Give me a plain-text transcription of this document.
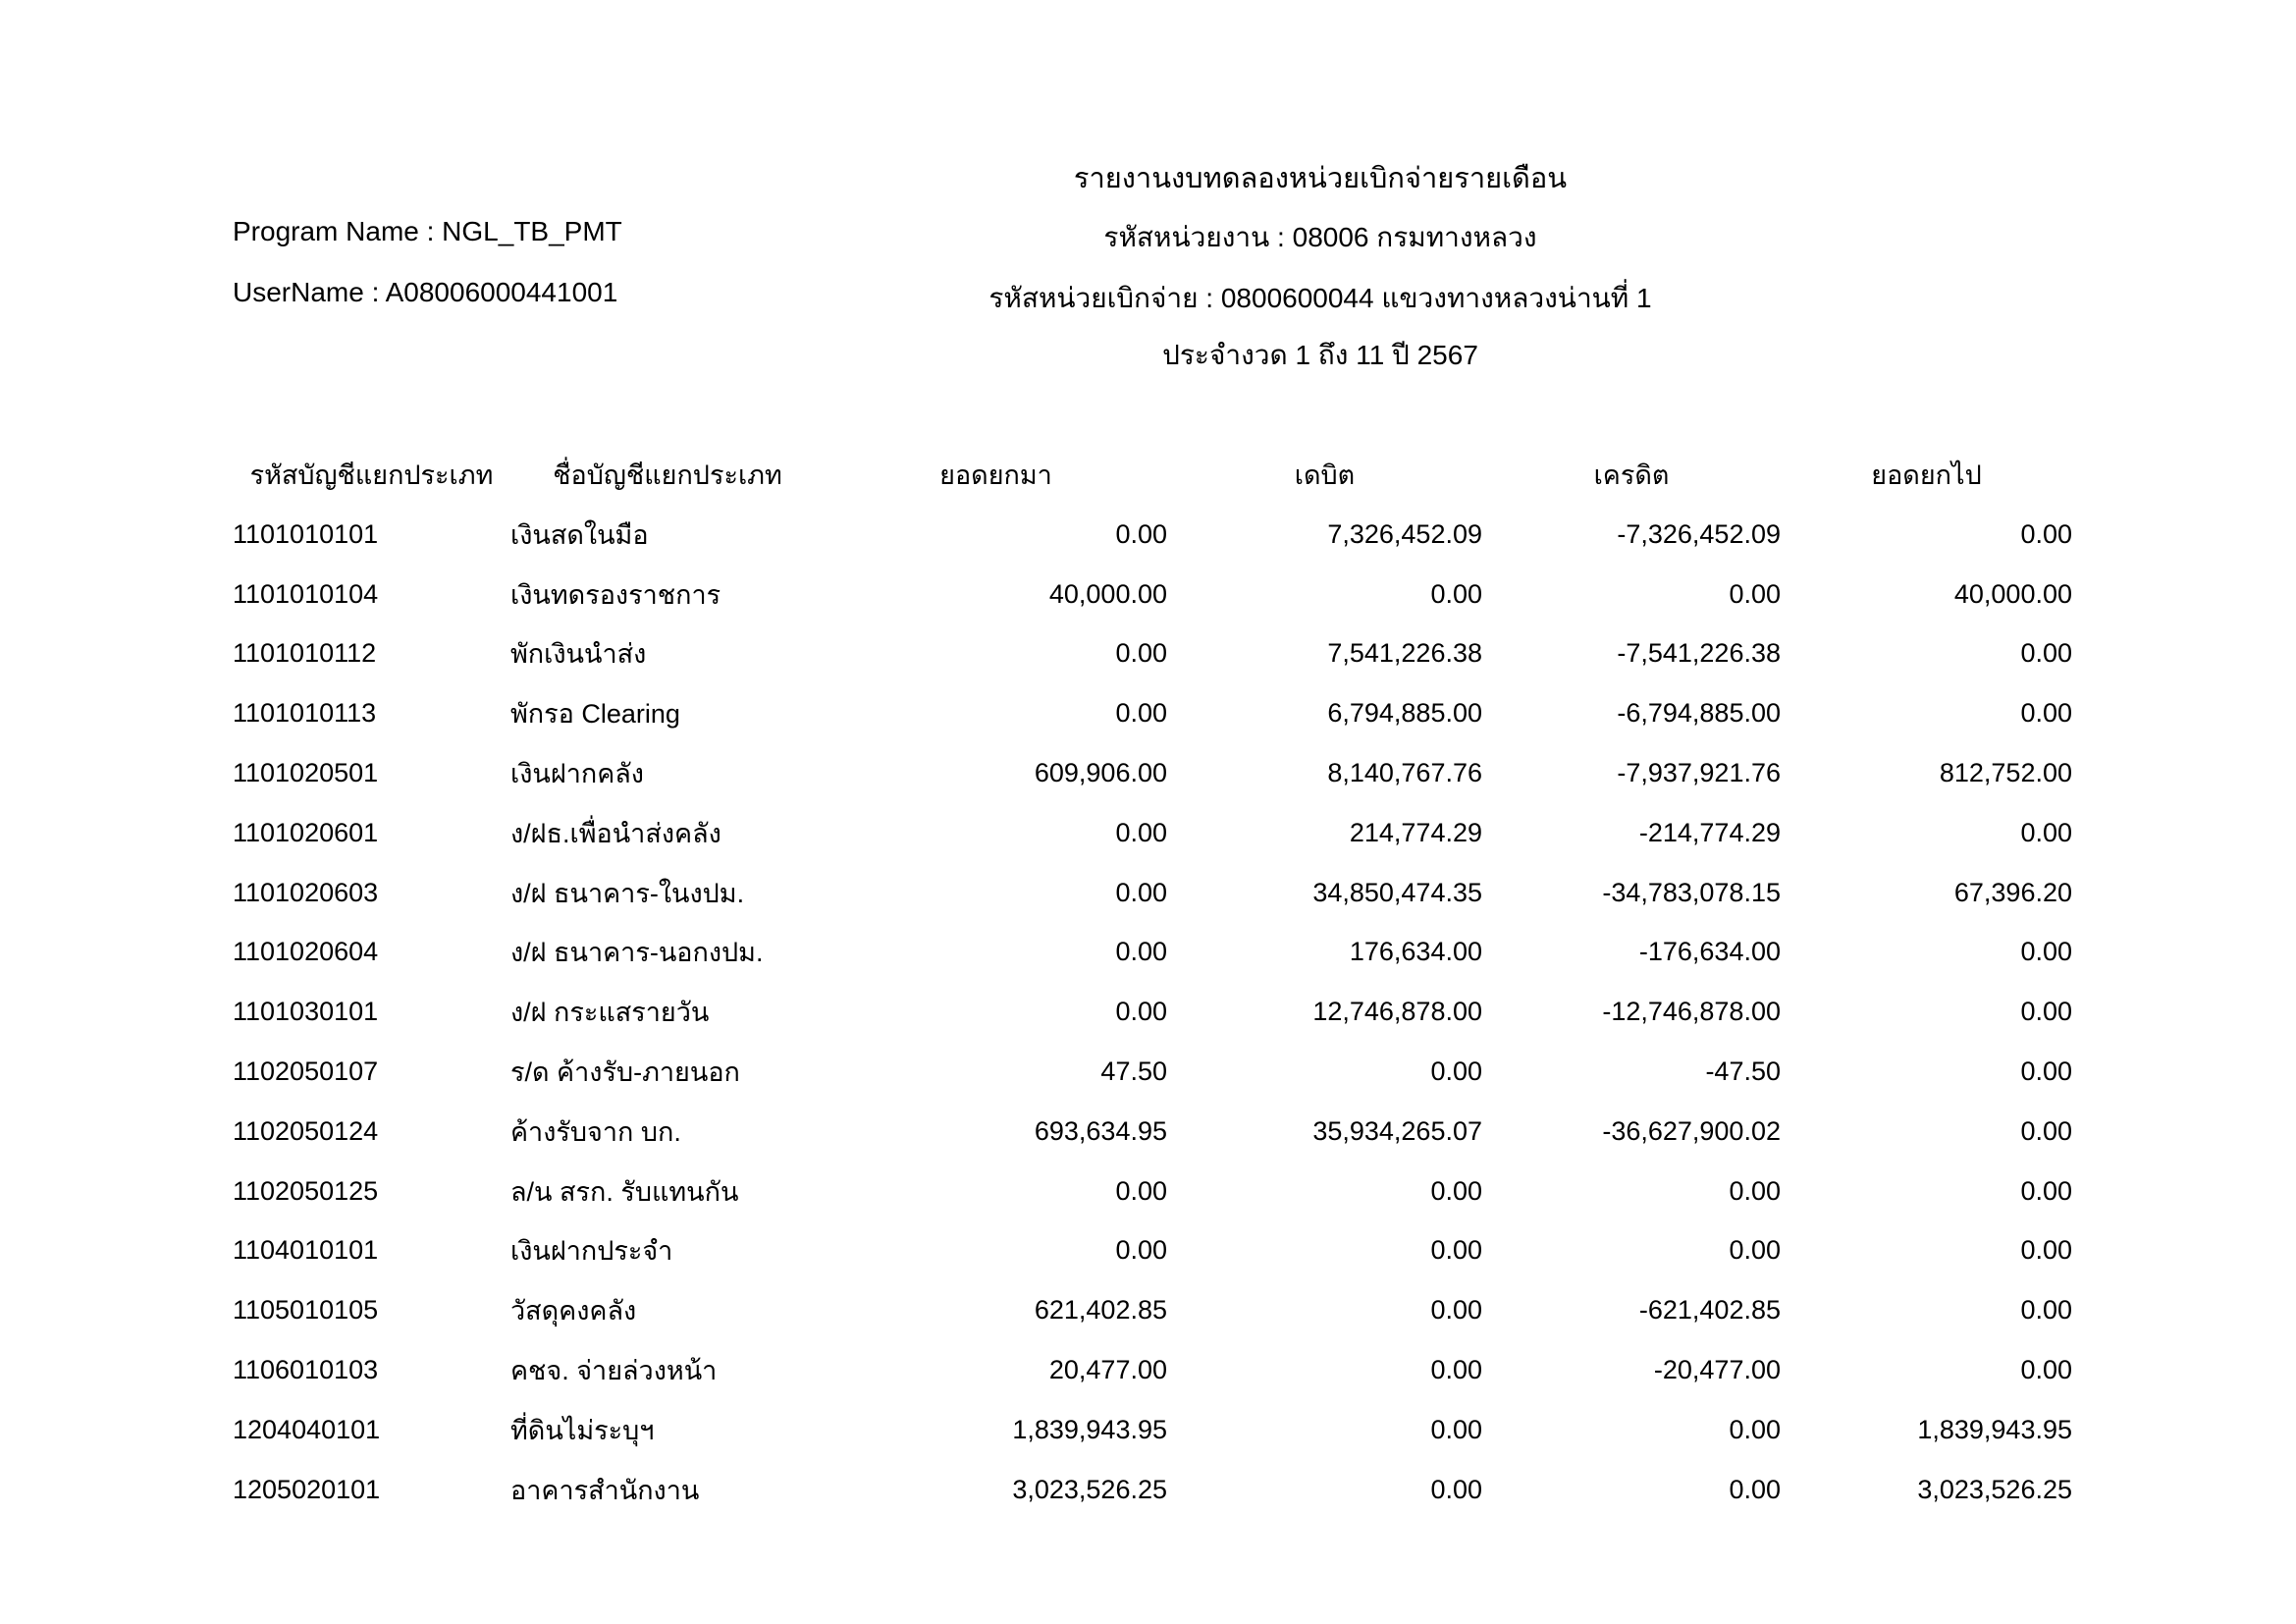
รายงานงบทดลองหน่วยเบิกจ่ายรายเดือน
Program Name : NGL_TB_PMT	รหัสหน่วยงาน : 08006 กรมทางหลวง
UserName : A08006000441001	รหัสหน่วยเบิกจ่าย : 0800600044 แขวงทางหลวงน่านที่ 1
ประจำงวด 1 ถึง 11 ปี 2567
รหัสบัญชีแยกประเภท	ชื่อบัญชีแยกประเภท	ยอดยกมา	เดบิต	เครดิต	ยอดยกไป
1101010101	เงินสดในมือ	0.00	7,326,452.09	-7,326,452.09	0.00
1101010104	เงินทดรองราชการ	40,000.00	0.00	0.00	40,000.00
1101010112	พักเงินนำส่ง	0.00	7,541,226.38	-7,541,226.38	0.00
1101010113	พักรอ Clearing	0.00	6,794,885.00	-6,794,885.00	0.00
1101020501	เงินฝากคลัง	609,906.00	8,140,767.76	-7,937,921.76	812,752.00
1101020601	ง/ฝธ.เพื่อนำส่งคลัง	0.00	214,774.29	-214,774.29	0.00
1101020603	ง/ฝ ธนาคาร-ในงปม.	0.00	34,850,474.35	-34,783,078.15	67,396.20
1101020604	ง/ฝ ธนาคาร-นอกงปม.	0.00	176,634.00	-176,634.00	0.00
1101030101	ง/ฝ กระแสรายวัน	0.00	12,746,878.00	-12,746,878.00	0.00
1102050107	ร/ด ค้างรับ-ภายนอก	47.50	0.00	-47.50	0.00
1102050124	ค้างรับจาก บก.	693,634.95	35,934,265.07	-36,627,900.02	0.00
1102050125	ล/น สรก. รับแทนกัน	0.00	0.00	0.00	0.00
1104010101	เงินฝากประจำ	0.00	0.00	0.00	0.00
1105010105	วัสดุคงคลัง	621,402.85	0.00	-621,402.85	0.00
1106010103	คชจ. จ่ายล่วงหน้า	20,477.00	0.00	-20,477.00	0.00
1204040101	ที่ดินไม่ระบุฯ	1,839,943.95	0.00	0.00	1,839,943.95
1205020101	อาคารสำนักงาน	3,023,526.25	0.00	0.00	3,023,526.25
